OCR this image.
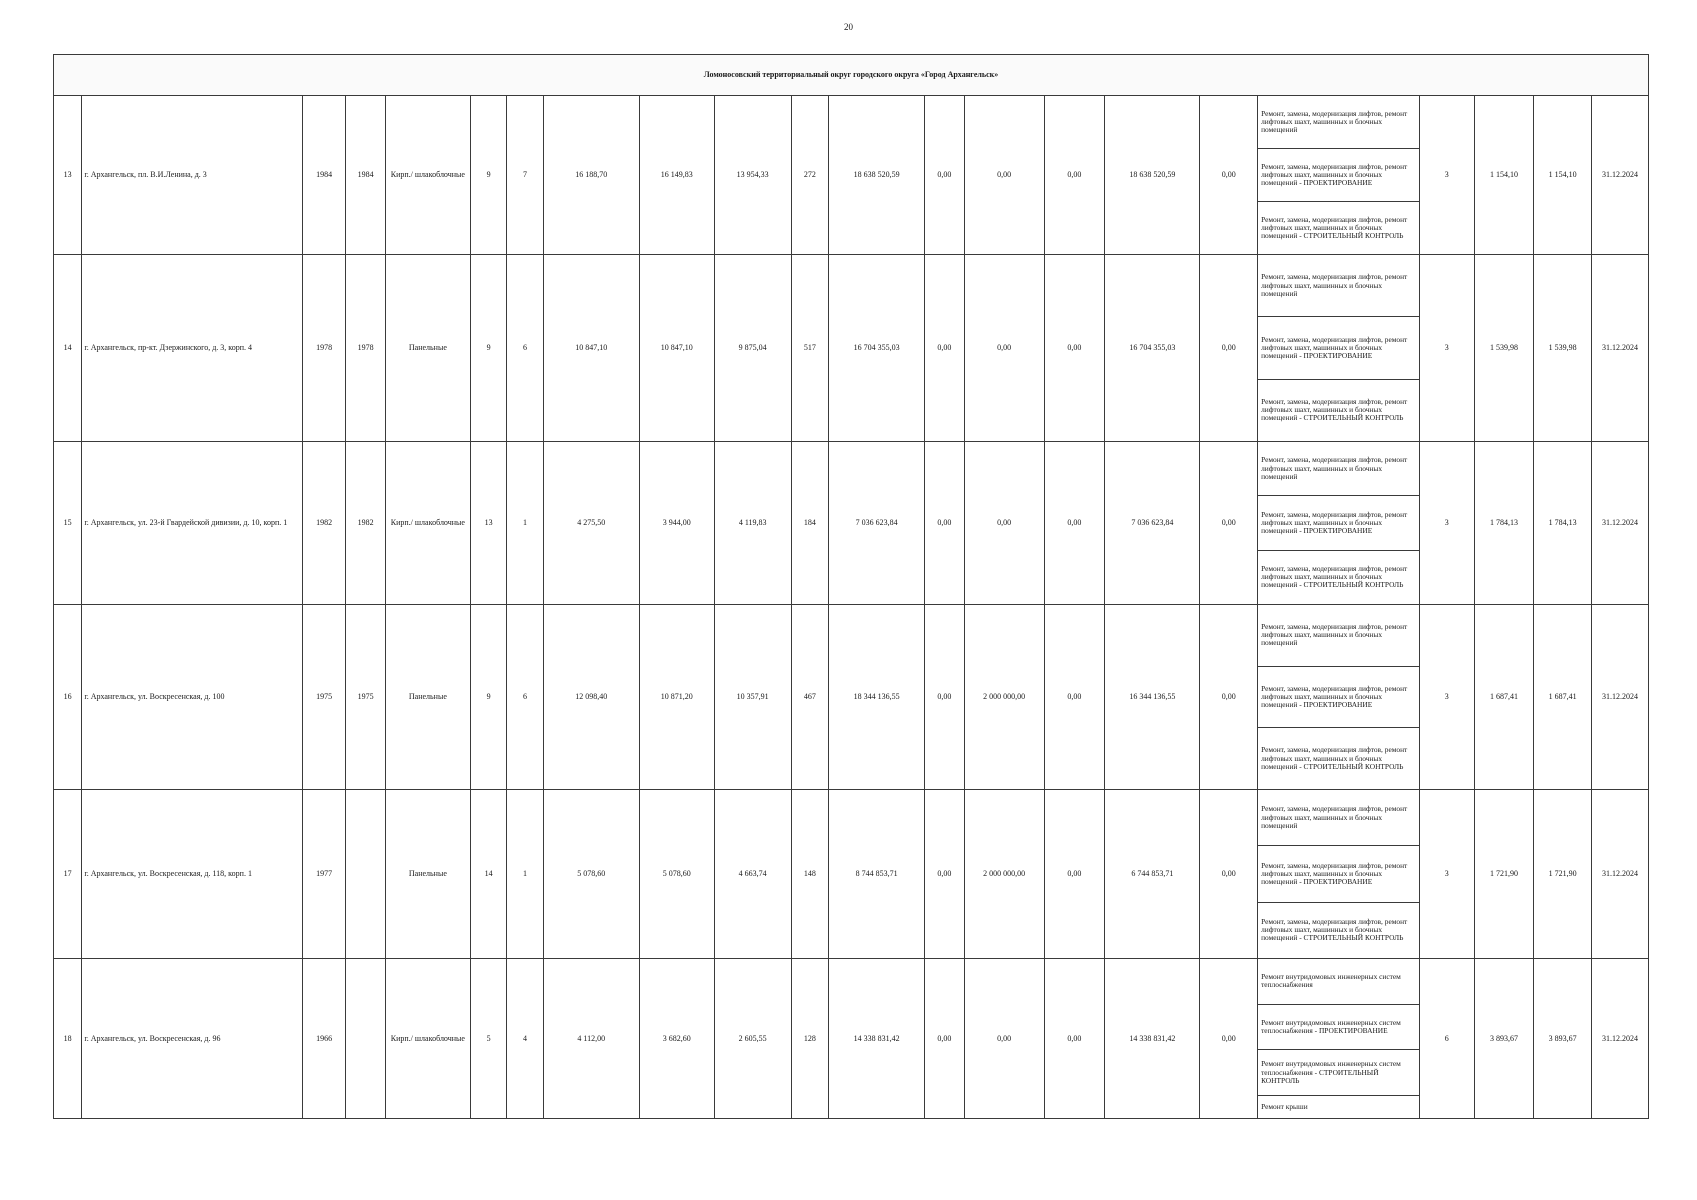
20
Ломоносовский территориальный округ городского округа «Город Архангельск»																					
13	г. Архангельск, пл. В.И.Ленина, д. 3	1984	1984	Кирп./ шлакоблочные	9	7	16 188,70	16 149,83	13 954,33	272	18 638 520,59	0,00	0,00	0,00	18 638 520,59	0,00	Ремонт, замена, модернизация лифтов, ремонт лифтовых шахт, машинных и блочных помещений
Ремонт, замена, модернизация лифтов, ремонт лифтовых шахт, машинных и блочных помещений - ПРОЕКТИРОВАНИЕ
Ремонт, замена, модернизация лифтов, ремонт лифтовых шахт, машинных и блочных помещений - СТРОИТЕЛЬНЫЙ КОНТРОЛЬ	3	1 154,10	1 154,10	31.12.2024
14	г. Архангельск, пр-кт. Дзержинского, д. 3, корп. 4	1978	1978	Панельные	9	6	10 847,10	10 847,10	9 875,04	517	16 704 355,03	0,00	0,00	0,00	16 704 355,03	0,00	Ремонт, замена, модернизация лифтов, ремонт лифтовых шахт, машинных и блочных помещений
Ремонт, замена, модернизация лифтов, ремонт лифтовых шахт, машинных и блочных помещений - ПРОЕКТИРОВАНИЕ
Ремонт, замена, модернизация лифтов, ремонт лифтовых шахт, машинных и блочных помещений - СТРОИТЕЛЬНЫЙ КОНТРОЛЬ	3	1 539,98	1 539,98	31.12.2024
15	г. Архангельск, ул. 23-й Гвардейской дивизии, д. 10, корп. 1	1982	1982	Кирп./ шлакоблочные	13	1	4 275,50	3 944,00	4 119,83	184	7 036 623,84	0,00	0,00	0,00	7 036 623,84	0,00	Ремонт, замена, модернизация лифтов, ремонт лифтовых шахт, машинных и блочных помещений
Ремонт, замена, модернизация лифтов, ремонт лифтовых шахт, машинных и блочных помещений - ПРОЕКТИРОВАНИЕ
Ремонт, замена, модернизация лифтов, ремонт лифтовых шахт, машинных и блочных помещений - СТРОИТЕЛЬНЫЙ КОНТРОЛЬ	3	1 784,13	1 784,13	31.12.2024
16	г. Архангельск, ул. Воскресенская, д. 100	1975	1975	Панельные	9	6	12 098,40	10 871,20	10 357,91	467	18 344 136,55	0,00	2 000 000,00	0,00	16 344 136,55	0,00	Ремонт, замена, модернизация лифтов, ремонт лифтовых шахт, машинных и блочных помещений
Ремонт, замена, модернизация лифтов, ремонт лифтовых шахт, машинных и блочных помещений - ПРОЕКТИРОВАНИЕ
Ремонт, замена, модернизация лифтов, ремонт лифтовых шахт, машинных и блочных помещений - СТРОИТЕЛЬНЫЙ КОНТРОЛЬ	3	1 687,41	1 687,41	31.12.2024
17	г. Архангельск, ул. Воскресенская, д. 118, корп. 1	1977		Панельные	14	1	5 078,60	5 078,60	4 663,74	148	8 744 853,71	0,00	2 000 000,00	0,00	6 744 853,71	0,00	Ремонт, замена, модернизация лифтов, ремонт лифтовых шахт, машинных и блочных помещений
Ремонт, замена, модернизация лифтов, ремонт лифтовых шахт, машинных и блочных помещений - ПРОЕКТИРОВАНИЕ
Ремонт, замена, модернизация лифтов, ремонт лифтовых шахт, машинных и блочных помещений - СТРОИТЕЛЬНЫЙ КОНТРОЛЬ	3	1 721,90	1 721,90	31.12.2024
18	г. Архангельск, ул. Воскресенская, д. 96	1966		Кирп./ шлакоблочные	5	4	4 112,00	3 682,60	2 605,55	128	14 338 831,42	0,00	0,00	0,00	14 338 831,42	0,00	Ремонт внутридомовых инженерных систем теплоснабжения
Ремонт внутридомовых инженерных систем теплоснабжения - ПРОЕКТИРОВАНИЕ
Ремонт внутридомовых инженерных систем теплоснабжения - СТРОИТЕЛЬНЫЙ КОНТРОЛЬ
Ремонт крыши	6	3 893,67	3 893,67	31.12.2024
